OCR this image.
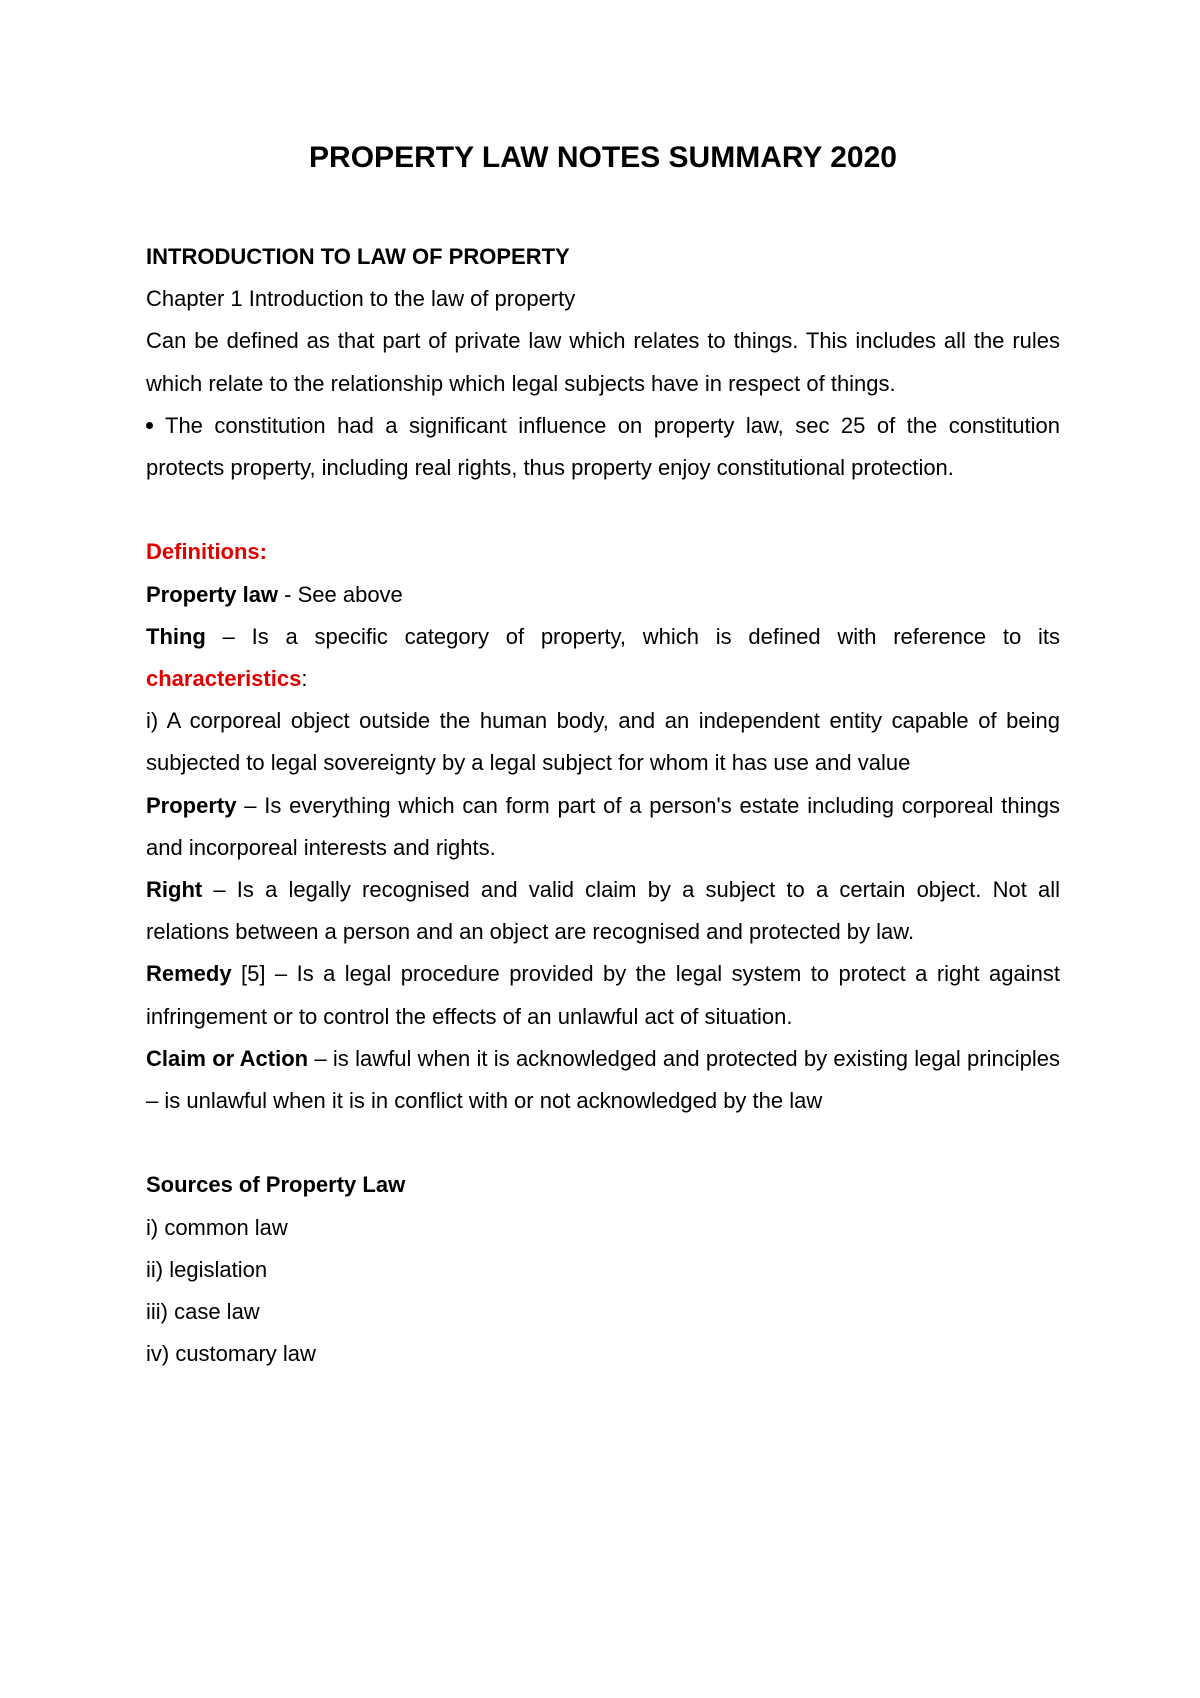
PROPERTY LAW NOTES SUMMARY 2020

INTRODUCTION TO LAW OF PROPERTY

Chapter 1 Introduction to the law of property

Can be defined as that part of private law which relates to things. This includes all the rules which relate to the relationship which legal subjects have in respect of things.

The constitution had a significant influence on property law, sec 25 of the constitution protects property, including real rights, thus property enjoy constitutional protection.

Definitions:

Property law - See above

Thing – Is a specific category of property, which is defined with reference to its characteristics:

i) A corporeal object outside the human body, and an independent entity capable of being subjected to legal sovereignty by a legal subject for whom it has use and value

Property – Is everything which can form part of a person's estate including corporeal things and incorporeal interests and rights.

Right – Is a legally recognised and valid claim by a subject to a certain object. Not all relations between a person and an object are recognised and protected by law.

Remedy [5] – Is a legal procedure provided by the legal system to protect a right against infringement or to control the effects of an unlawful act of situation.

Claim or Action – is lawful when it is acknowledged and protected by existing legal principles – is unlawful when it is in conflict with or not acknowledged by the law

Sources of Property Law

i) common law

ii) legislation

iii) case law

iv) customary law
